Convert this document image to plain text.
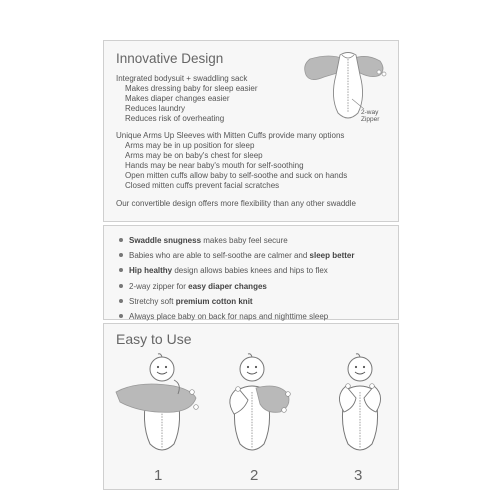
Innovative Design
2-way
Zipper
Integrated bodysuit + swaddling sack
Makes dressing baby for sleep easier
Makes diaper changes easier
Reduces laundry
Reduces risk of overheating
Unique Arms Up Sleeves with Mitten Cuffs provide many options
Arms may be in up position for sleep
Arms may be on baby's chest for sleep
Hands may be near baby's mouth for self-soothing
Open mitten cuffs allow baby to self-soothe and suck on hands
Closed mitten cuffs prevent facial scratches
Our convertible design offers more flexibility than any other swaddle
Swaddle snugness makes baby feel secure
Babies who are able to self-soothe are calmer and sleep better
Hip healthy design allows babies knees and hips to flex
2-way zipper for easy diaper changes
Stretchy soft premium cotton knit
Always place baby on back for naps and nighttime sleep
Easy to Use
1	2	3
